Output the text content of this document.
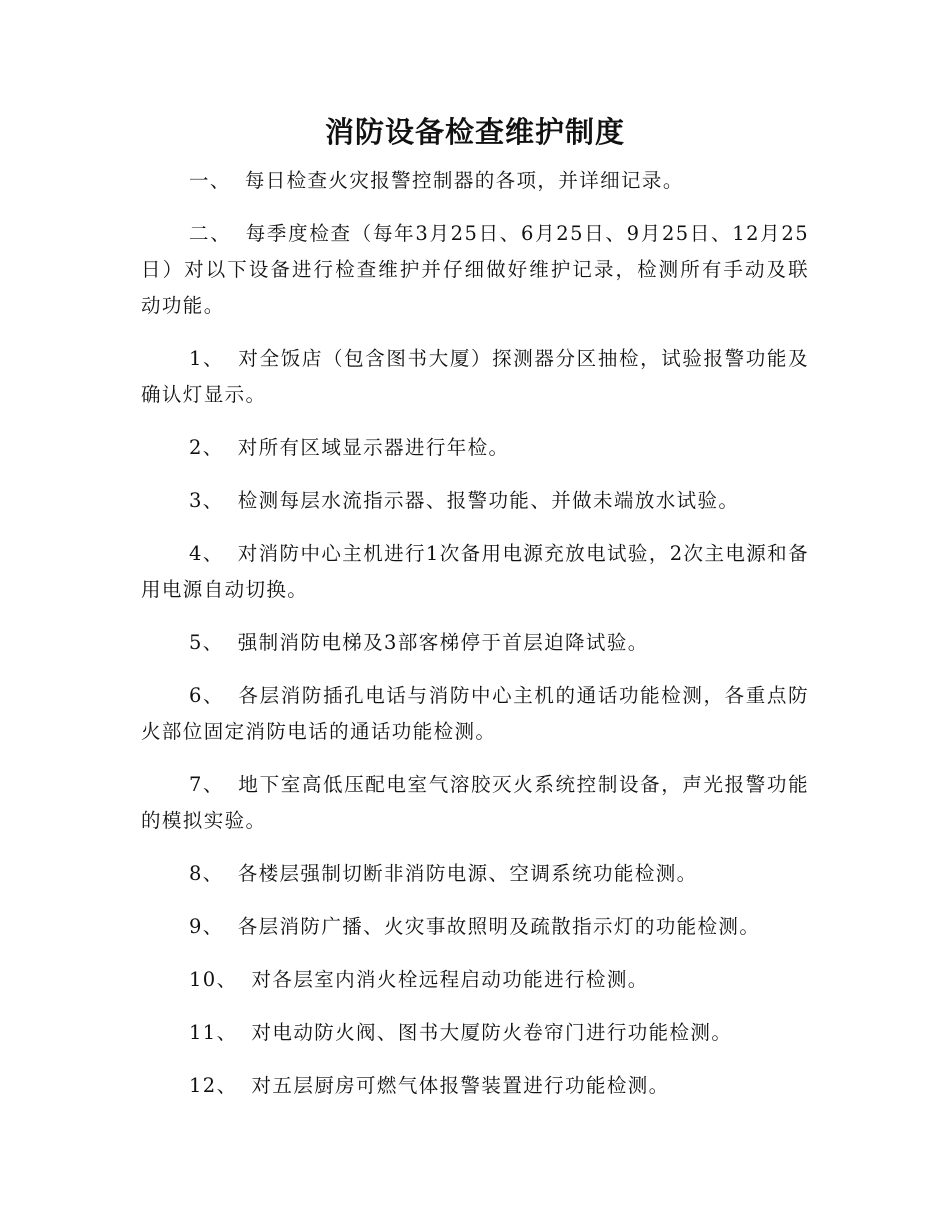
消防设备检查维护制度

一、 每日检查火灾报警控制器的各项，并详细记录。

二、 每季度检查（每年3月25日、6月25日、9月25日、12月25日）对以下设备进行检查维护并仔细做好维护记录，检测所有手动及联动功能。

1、 对全饭店（包含图书大厦）探测器分区抽检，试验报警功能及确认灯显示。

2、 对所有区域显示器进行年检。

3、 检测每层水流指示器、报警功能、并做未端放水试验。

4、 对消防中心主机进行1次备用电源充放电试验，2次主电源和备用电源自动切换。

5、 强制消防电梯及3部客梯停于首层迫降试验。

6、 各层消防插孔电话与消防中心主机的通话功能检测，各重点防火部位固定消防电话的通话功能检测。

7、 地下室高低压配电室气溶胶灭火系统控制设备，声光报警功能的模拟实验。

8、 各楼层强制切断非消防电源、空调系统功能检测。

9、 各层消防广播、火灾事故照明及疏散指示灯的功能检测。

10、 对各层室内消火栓远程启动功能进行检测。

11、 对电动防火阀、图书大厦防火卷帘门进行功能检测。

12、 对五层厨房可燃气体报警装置进行功能检测。
